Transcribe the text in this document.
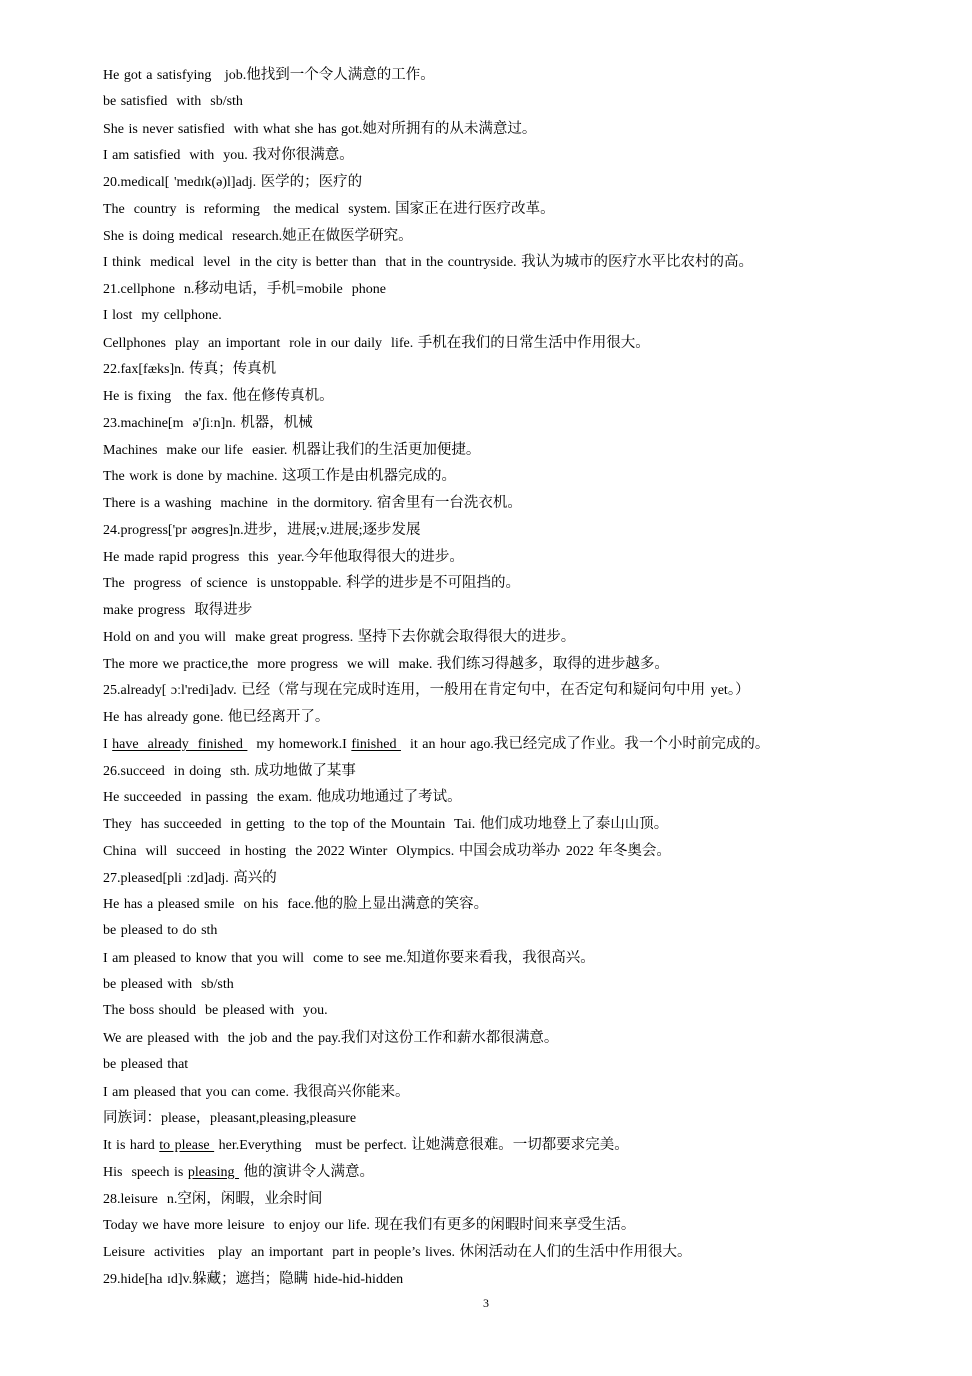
He got a satisfying   job.他找到一个令人满意的工作。
be satisfied  with  sb/sth
She is never satisfied  with what she has got.她对所拥有的从未满意过。
I am satisfied  with  you. 我对你很满意。
20.medical[ 'medɪk(ə)l]adj. 医学的；医疗的
The  country  is  reforming   the medical  system. 国家正在进行医疗改革。
She is doing medical  research.她正在做医学研究。
I think  medical  level  in the city is better than  that in the countryside. 我认为城市的医疗水平比农村的高。
21.cellphone  n.移动电话，手机=mobile  phone
I lost  my cellphone.
Cellphones  play  an important  role in our daily  life. 手机在我们的日常生活中作用很大。
22.fax[fæks]n. 传真；传真机
He is fixing   the fax. 他在修传真机。
23.machine[m  ə'ʃiːn]n. 机器，机械
Machines  make our life  easier. 机器让我们的生活更加便捷。
The work is done by machine. 这项工作是由机器完成的。
There is a washing  machine  in the dormitory. 宿舍里有一台洗衣机。
24.progress['pr əʊgres]n.进步，进展;v.进展;逐步发展
He made rapid progress  this  year.今年他取得很大的进步。
The  progress  of science  is unstoppable. 科学的进步是不可阻挡的。
make progress  取得进步
Hold on and you will  make great progress. 坚持下去你就会取得很大的进步。
The more we practice,the  more progress  we will  make. 我们练习得越多，取得的进步越多。
25.already[ ɔːl'redi]adv. 已经（常与现在完成时连用，一般用在肯定句中，在否定句和疑问句中用 yet。）
He has already gone. 他已经离开了。
I have  already  finished   my homework.I finished   it an hour ago.我已经完成了作业。我一个小时前完成的。
26.succeed  in doing  sth. 成功地做了某事
He succeeded  in passing  the exam. 他成功地通过了考试。
They  has succeeded  in getting  to the top of the Mountain  Tai. 他们成功地登上了泰山山顶。
China  will  succeed  in hosting  the 2022 Winter  Olympics. 中国会成功举办 2022 年冬奥会。
27.pleased[pli ːzd]adj. 高兴的
He has a pleased smile  on his  face.他的脸上显出满意的笑容。
be pleased to do sth
I am pleased to know that you will  come to see me.知道你要来看我，我很高兴。
be pleased with  sb/sth
The boss should  be pleased with  you.
We are pleased with  the job and the pay.我们对这份工作和薪水都很满意。
be pleased that
I am pleased that you can come. 我很高兴你能来。
同族词：please，pleasant,pleasing,pleasure
It is hard to please  her.Everything   must be perfect. 让她满意很难。一切都要求完美。
His  speech is pleasing  他的演讲令人满意。
28.leisure  n.空闲，闲暇，业余时间
Today we have more leisure  to enjoy our life. 现在我们有更多的闲暇时间来享受生活。
Leisure  activities   play  an important  part in people’s lives. 休闲活动在人们的生活中作用很大。
29.hide[ha ɪd]v.躲藏；遮挡；隐瞒 hide-hid-hidden
3
